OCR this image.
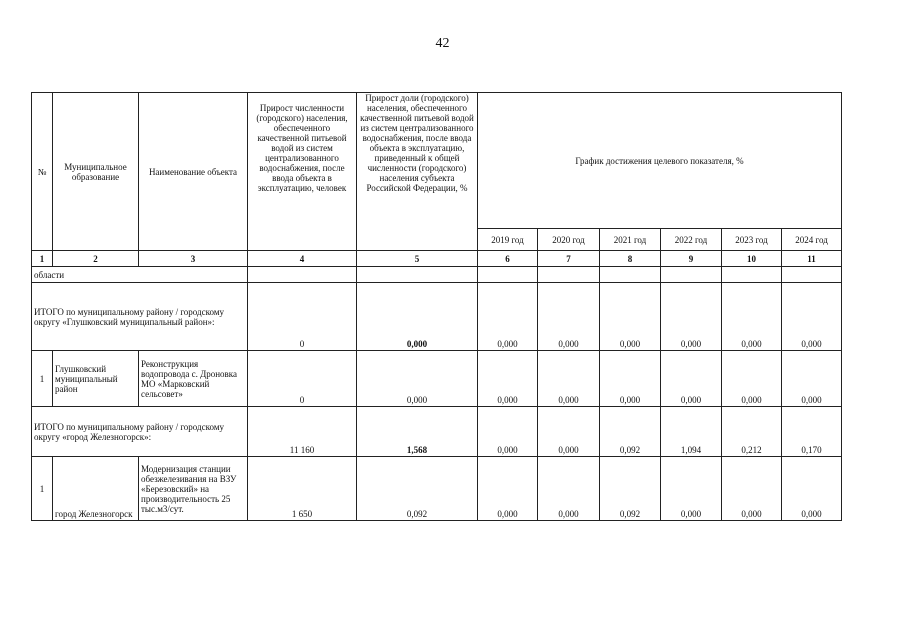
42
№	Муниципальное образование	Наименование объекта	Прирост численности (городского) населения, обеспеченного качественной питьевой водой из систем централизованного водоснабжения, после ввода объекта в эксплуатацию, человек	Прирост доли (городского) населения, обеспеченного качественной питьевой водой из систем централизованного водоснабжения, после ввода объекта в эксплуатацию, приведенный к общей численности (городского) населения субъекта Российской Федерации, %	График достижения целевого показателя, %					
					2019 год	2020 год	2021 год	2022 год	2023 год	2024 год
1	2	3	4	5	6	7	8	9	10	11
области										
ИТОГО по муниципальному району / городскому округу «Глушковский муниципальный район»:			0	0,000	0,000	0,000	0,000	0,000	0,000	0,000
1	Глушковский муниципальный район	Реконструкция водопровода с. Дроновка МО «Марковский сельсовет»	0	0,000	0,000	0,000	0,000	0,000	0,000	0,000
ИТОГО по муниципальному району / городскому округу «город Железногорск»:			11 160	1,568	0,000	0,000	0,092	1,094	0,212	0,170
1	город Железногорск	Модернизация станции обезжелезивания на ВЗУ «Березовский» на производительность 25 тыс.м3/сут.	1 650	0,092	0,000	0,000	0,092	0,000	0,000	0,000
